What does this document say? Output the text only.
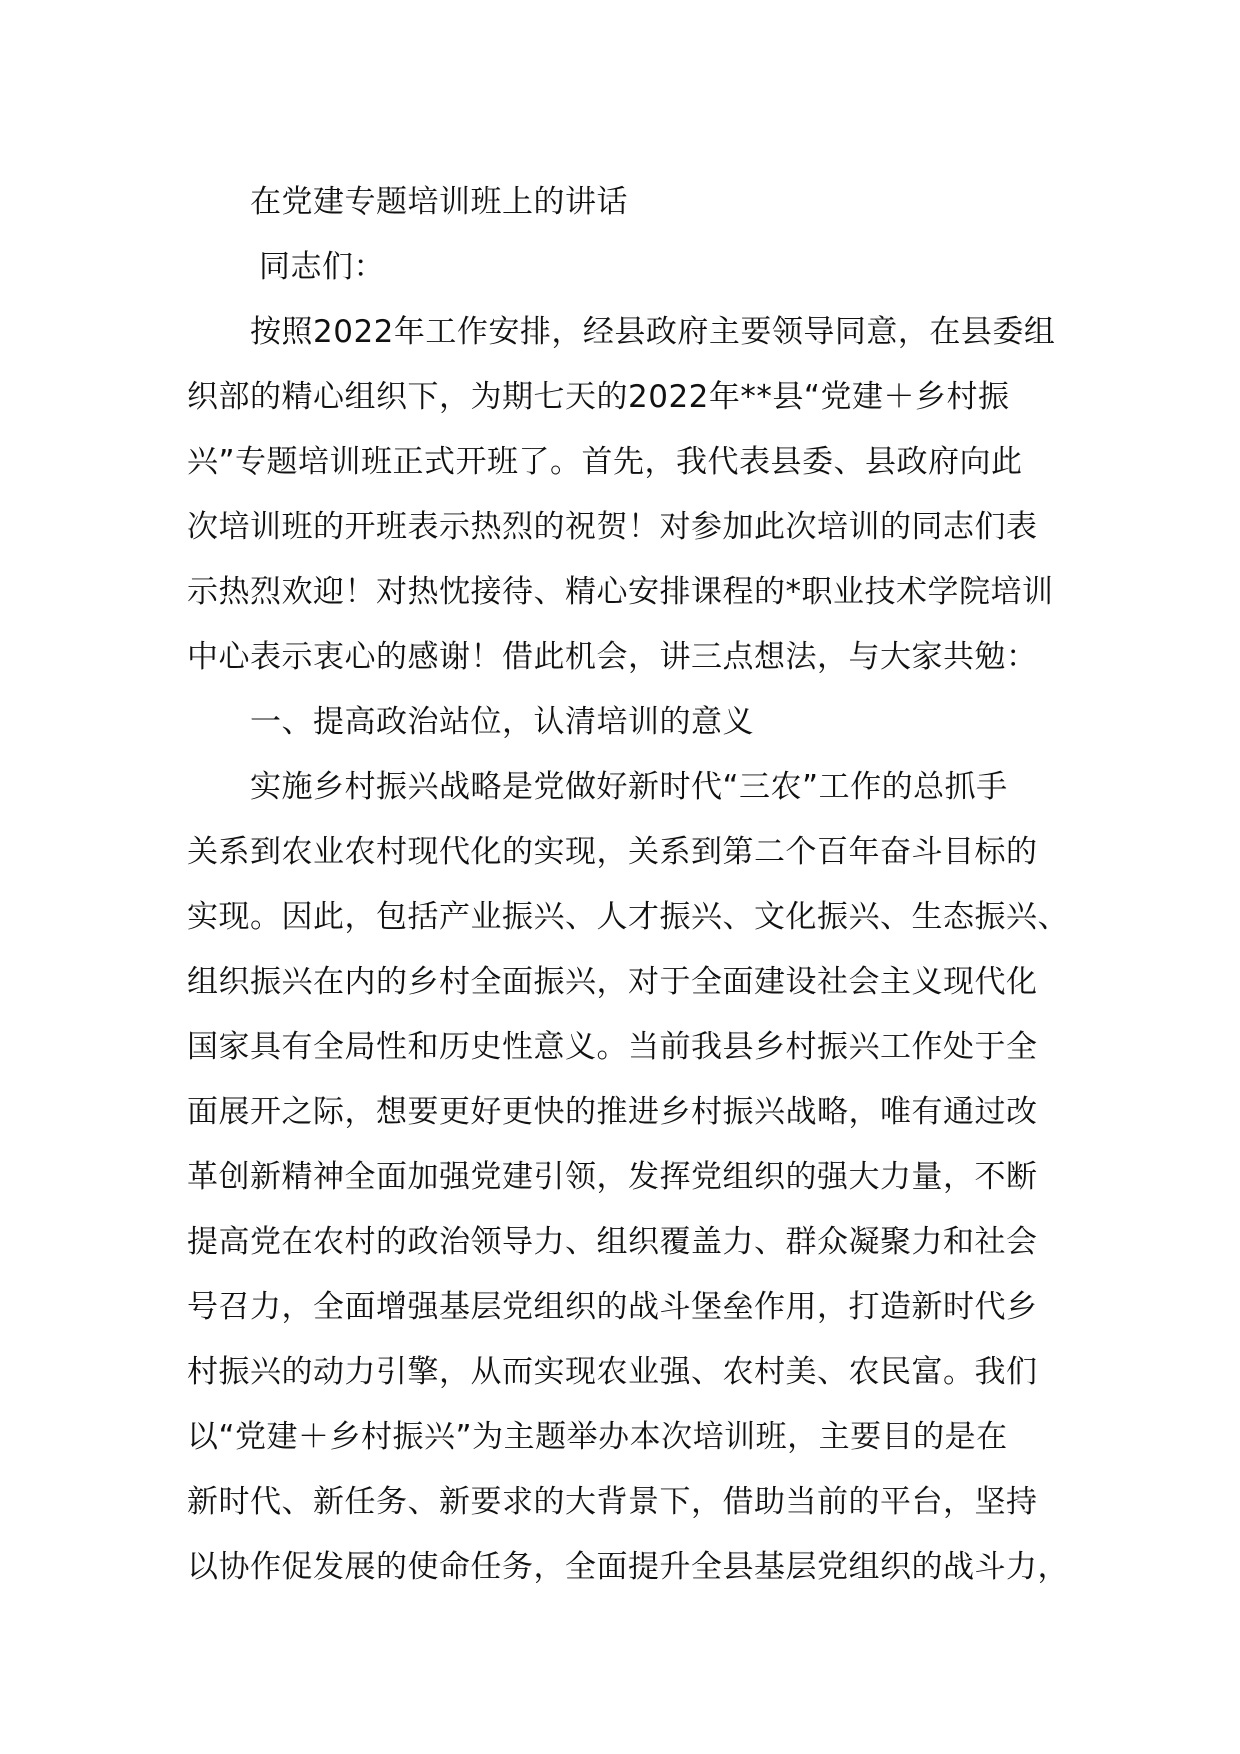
在党建专题培训班上的讲话
同志们：
按照2022年工作安排，经县政府主要领导同意，在县委组
织部的精心组织下，为期七天的2022年**县“党建＋乡村振
兴”专题培训班正式开班了。首先，我代表县委、县政府向此
次培训班的开班表示热烈的祝贺！对参加此次培训的同志们表
示热烈欢迎！对热忱接待、精心安排课程的*职业技术学院培训
中心表示衷心的感谢！借此机会，讲三点想法，与大家共勉：
一、提高政治站位，认清培训的意义
实施乡村振兴战略是党做好新时代“三农”工作的总抓手
关系到农业农村现代化的实现，关系到第二个百年奋斗目标的
实现。因此，包括产业振兴、人才振兴、文化振兴、生态振兴、
组织振兴在内的乡村全面振兴，对于全面建设社会主义现代化
国家具有全局性和历史性意义。当前我县乡村振兴工作处于全
面展开之际，想要更好更快的推进乡村振兴战略，唯有通过改
革创新精神全面加强党建引领，发挥党组织的强大力量，不断
提高党在农村的政治领导力、组织覆盖力、群众凝聚力和社会
号召力，全面增强基层党组织的战斗堡垒作用，打造新时代乡
村振兴的动力引擎，从而实现农业强、农村美、农民富。我们
以“党建＋乡村振兴”为主题举办本次培训班，主要目的是在
新时代、新任务、新要求的大背景下，借助当前的平台，坚持
以协作促发展的使命任务，全面提升全县基层党组织的战斗力，
